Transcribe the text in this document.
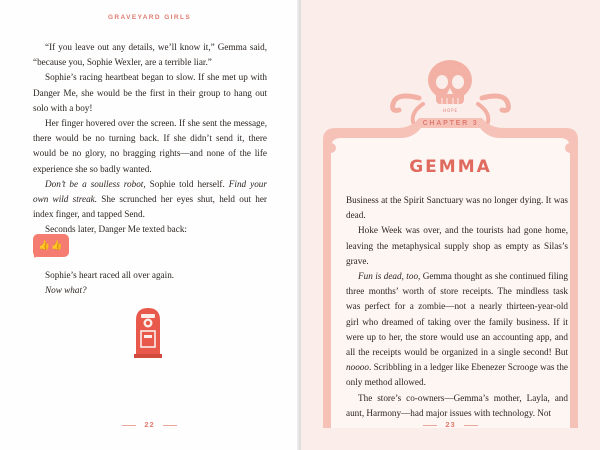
GRAVEYARD GIRLS

“If you leave out any details, we’ll know it,” Gemma said, “because you, Sophie Wexler, are a terrible liar.”

Sophie’s racing heartbeat began to slow. If she met up with Danger Me, she would be the first in their group to hang out solo with a boy!

Her finger hovered over the screen. If she sent the message, there would be no turning back. If she didn’t send it, there would be no glory, no bragging rights—and none of the life experience she so badly wanted.

Don’t be a soulless robot, Sophie told herself. Find your own wild streak. She scrunched her eyes shut, held out her index finger, and tapped Send.

Seconds later, Danger Me texted back:

👍👍

Sophie’s heart raced all over again.

Now what?

22
HOPE
CHAPTER 3
GEMMA

Business at the Spirit Sanctuary was no longer dying. It was dead.

Hoke Week was over, and the tourists had gone home, leaving the metaphysical supply shop as empty as Silas’s grave.

Fun is dead, too, Gemma thought as she continued filing three months’ worth of store receipts. The mindless task was perfect for a zombie—not a nearly thirteen-year-old girl who dreamed of taking over the family business. If it were up to her, the store would use an accounting app, and all the receipts would be organized in a single second! But noooo. Scribbling in a ledger like Ebenezer Scrooge was the only method allowed.

The store’s co-owners—Gemma’s mother, Layla, and aunt, Harmony—had major issues with technology. Not

23
